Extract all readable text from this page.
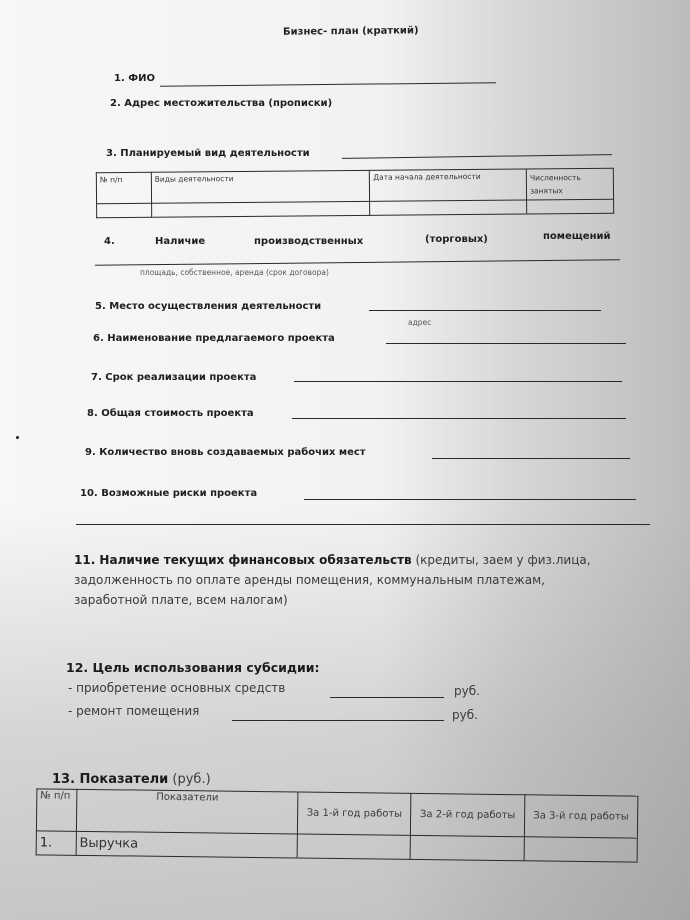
Бизнес- план (краткий)
1. ФИО
2. Адрес местожительства (прописки)
3. Планируемый вид деятельности
№ п/п	Виды деятельности	Дата начала деятельности	Численность занятых

4.	Наличие	производственных	(торговых)	помещений
площадь, собственное, аренда (срок договора)
5. Место осуществления деятельности
адрес
6. Наименование предлагаемого проекта
7. Срок реализации проекта
8. Общая стоимость проекта
9. Количество вновь создаваемых рабочих мест
10. Возможные риски проекта
11. Наличие текущих финансовых обязательств (кредиты, заем у физ.лица,
задолженность по оплате аренды помещения, коммунальным платежам,
заработной плате, всем налогам)
12. Цель использования субсидии:
- приобретение основных средств	руб.
- ремонт помещения	руб.
13. Показатели (руб.)
№ п/п	Показатели	За 1-й год работы	За 2-й год работы	За 3-й год работы
1.	Выручка			
